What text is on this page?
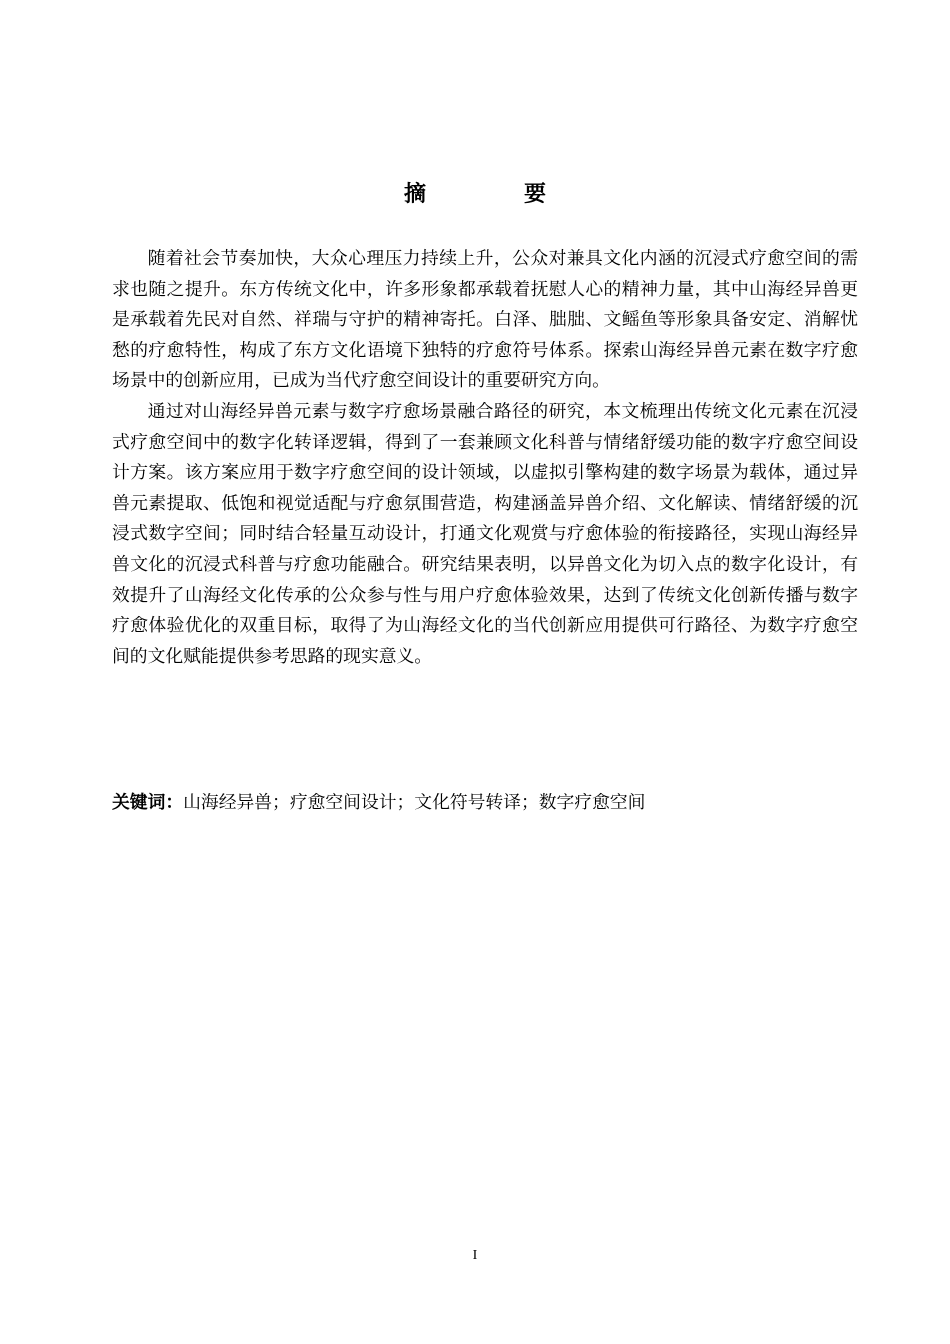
摘　要

随着社会节奏加快，大众心理压力持续上升，公众对兼具文化内涵的沉浸式疗愈空间的需求也随之提升。东方传统文化中，许多形象都承载着抚慰人心的精神力量，其中山海经异兽更是承载着先民对自然、祥瑞与守护的精神寄托。白泽、朏朏、文鳐鱼等形象具备安定、消解忧愁的疗愈特性，构成了东方文化语境下独特的疗愈符号体系。探索山海经异兽元素在数字疗愈场景中的创新应用，已成为当代疗愈空间设计的重要研究方向。

通过对山海经异兽元素与数字疗愈场景融合路径的研究，本文梳理出传统文化元素在沉浸式疗愈空间中的数字化转译逻辑，得到了一套兼顾文化科普与情绪舒缓功能的数字疗愈空间设计方案。该方案应用于数字疗愈空间的设计领域，以虚拟引擎构建的数字场景为载体，通过异兽元素提取、低饱和视觉适配与疗愈氛围营造，构建涵盖异兽介绍、文化解读、情绪舒缓的沉浸式数字空间；同时结合轻量互动设计，打通文化观赏与疗愈体验的衔接路径，实现山海经异兽文化的沉浸式科普与疗愈功能融合。研究结果表明，以异兽文化为切入点的数字化设计，有效提升了山海经文化传承的公众参与性与用户疗愈体验效果，达到了传统文化创新传播与数字疗愈体验优化的双重目标，取得了为山海经文化的当代创新应用提供可行路径、为数字疗愈空间的文化赋能提供参考思路的现实意义。

关键词：山海经异兽；疗愈空间设计；文化符号转译；数字疗愈空间
I
